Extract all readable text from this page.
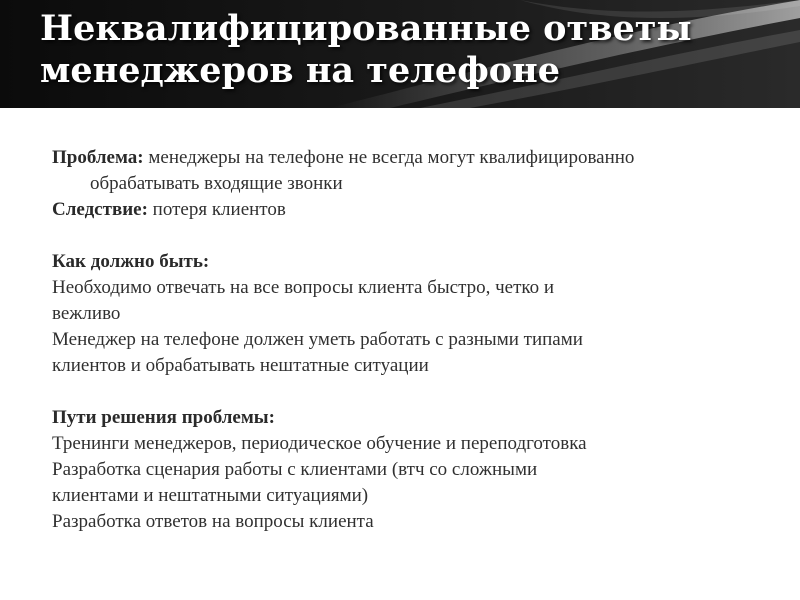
Неквалифицированные ответы
менеджеров на телефоне

Проблема: менеджеры на телефоне не всегда могут квалифицированно

обрабатывать входящие звонки

Следствие: потеря клиентов

Как должно быть:

Необходимо отвечать на все вопросы клиента быстро, четко и

вежливо

Менеджер на телефоне должен уметь работать с разными типами

клиентов и обрабатывать нештатные ситуации

Пути решения проблемы:

Тренинги менеджеров, периодическое обучение и переподготовка

Разработка сценария работы с клиентами (втч со сложными

клиентами и нештатными ситуациями)

Разработка ответов на вопросы клиента
